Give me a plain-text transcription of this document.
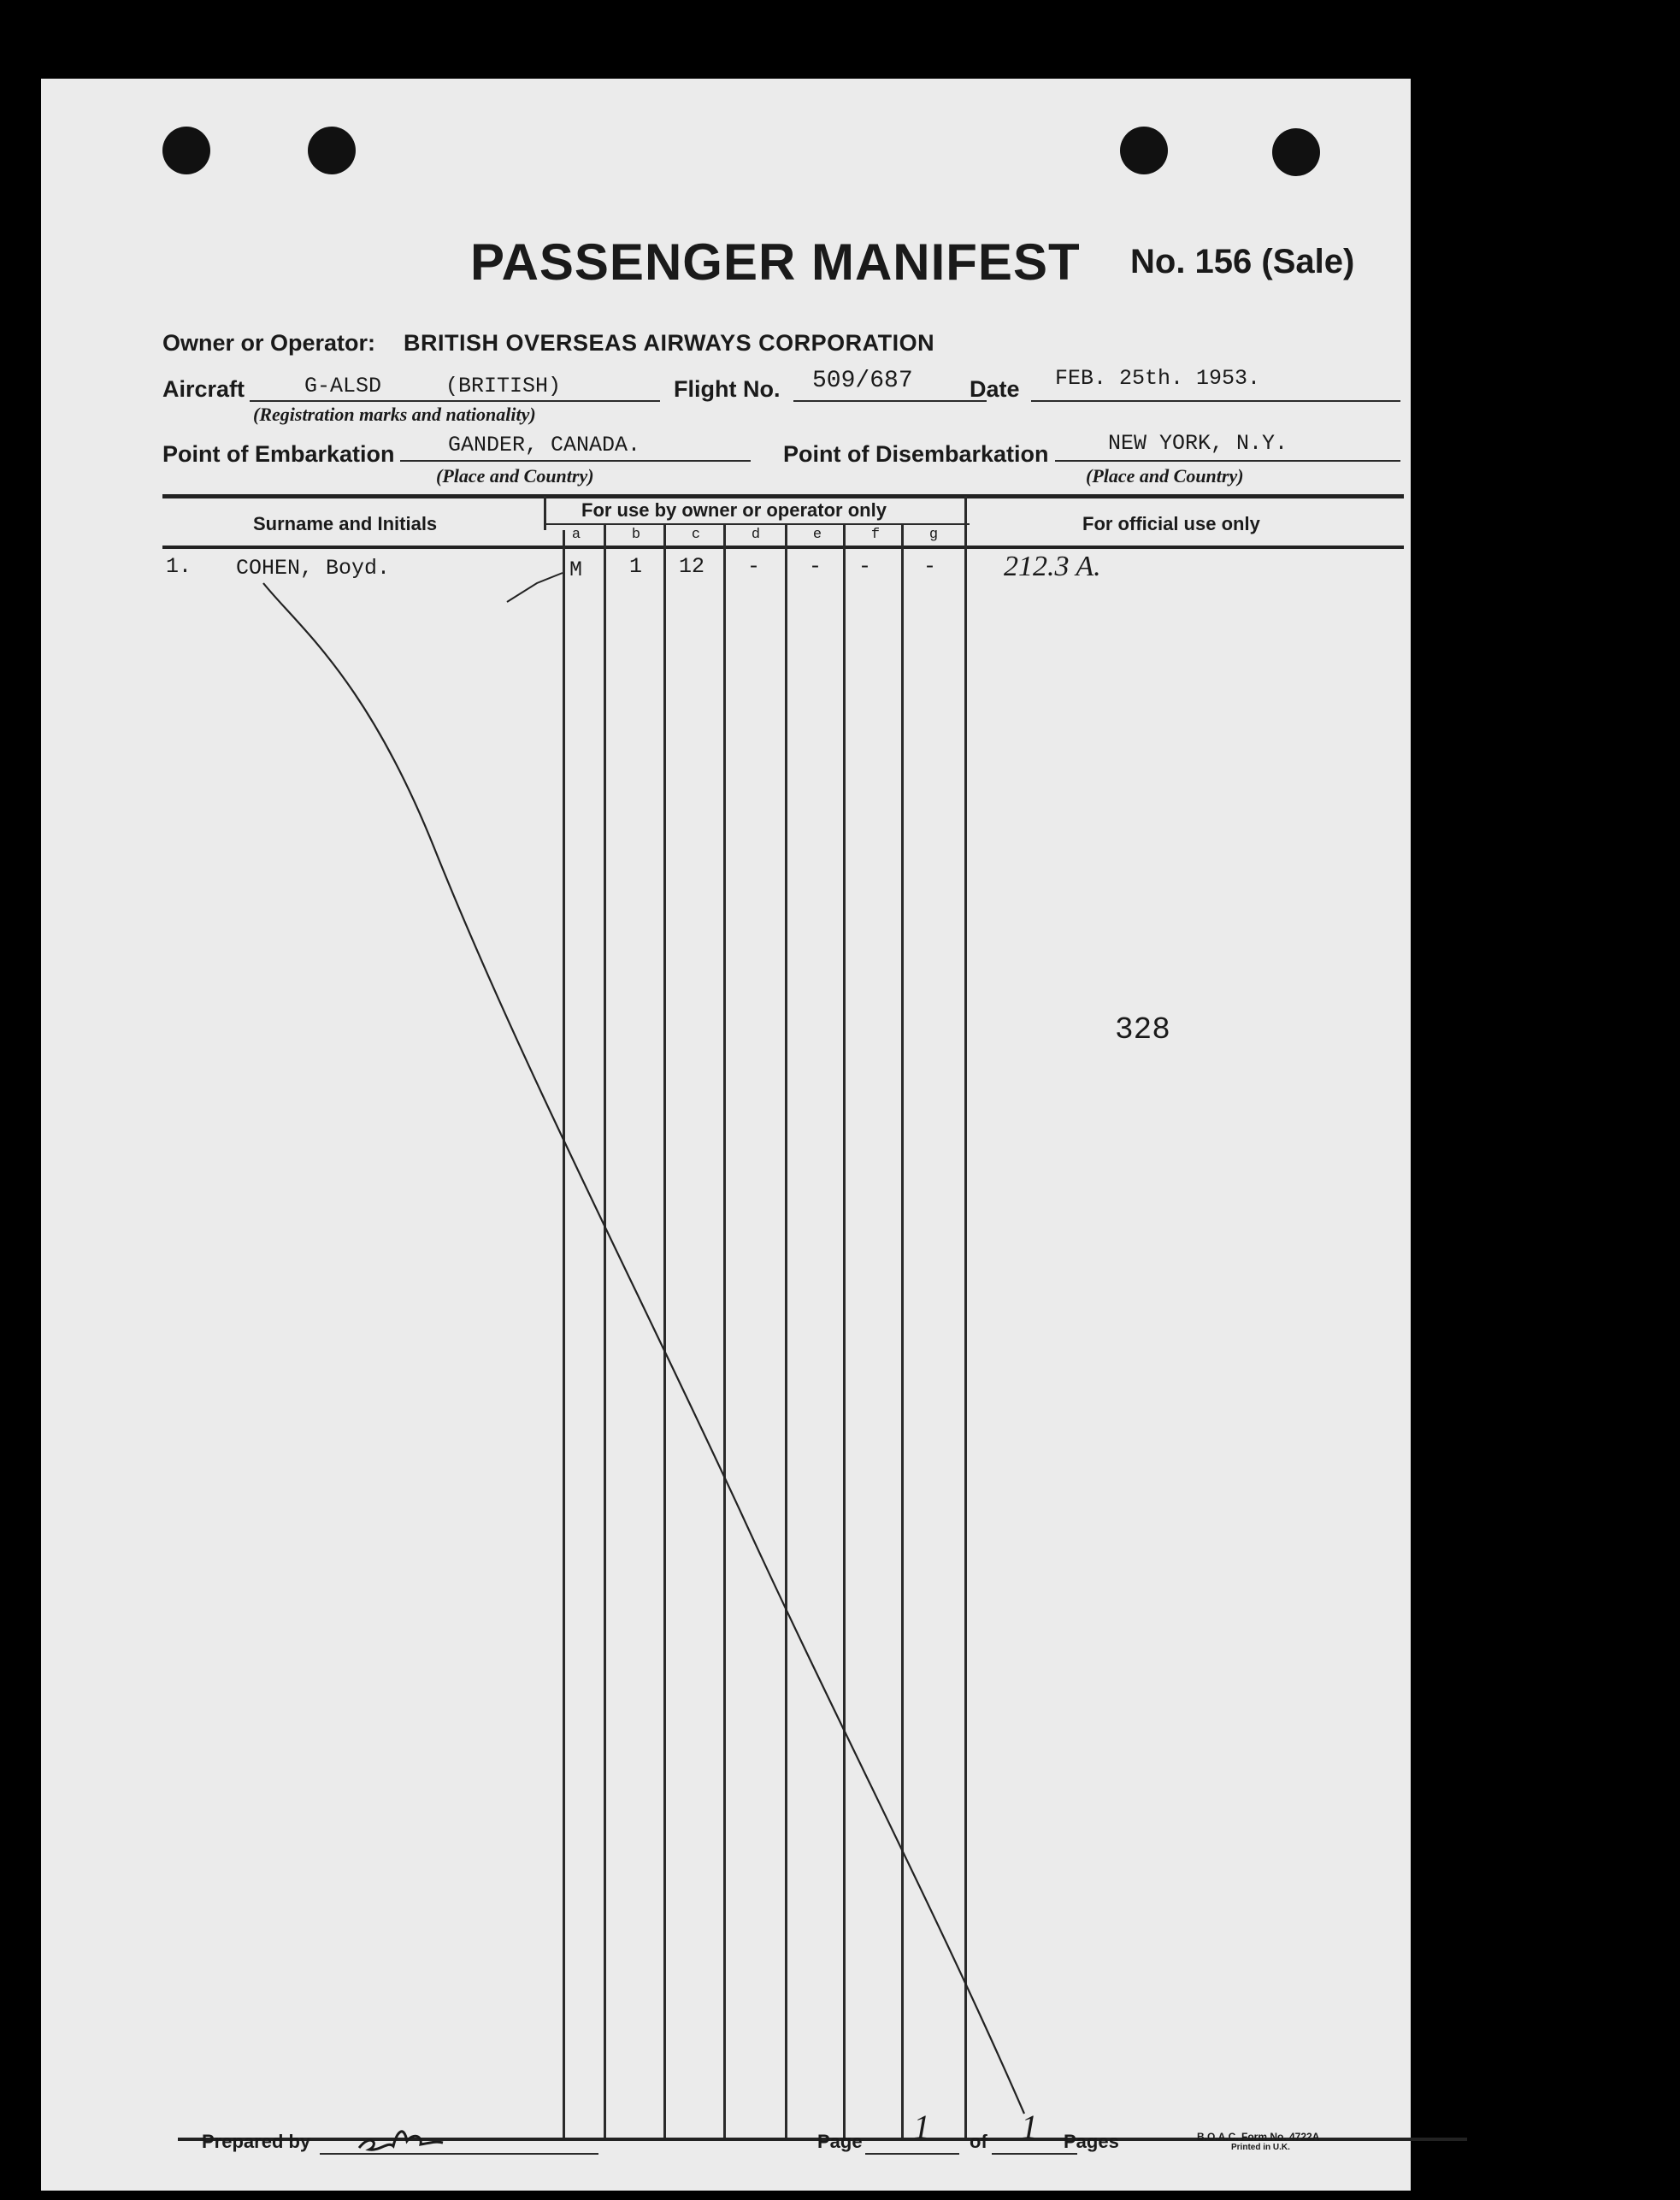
PASSENGER MANIFEST No. 156 (Sale)
Owner or Operator: BRITISH OVERSEAS AIRWAYS CORPORATION
Aircraft	G-ALSD     (BRITISH)
(Registration marks and nationality)
Flight No. 509/687 Date FEB. 25th. 1953.
Point of Embarkation GANDER, CANADA.
(Place and Country)
Point of Disembarkation	NEW YORK, N.Y.
(Place and Country)
Surname and Initials
For use by owner or operator only
For official use only
a	b	c	d	e	f	g
1. COHEN, Boyd.	M 1 12 - - - - 212.3 A.
328
Prepared by	Page 1 of 1 Pages	B.O.A.C. Form No. 4722A
Printed in U.K.
